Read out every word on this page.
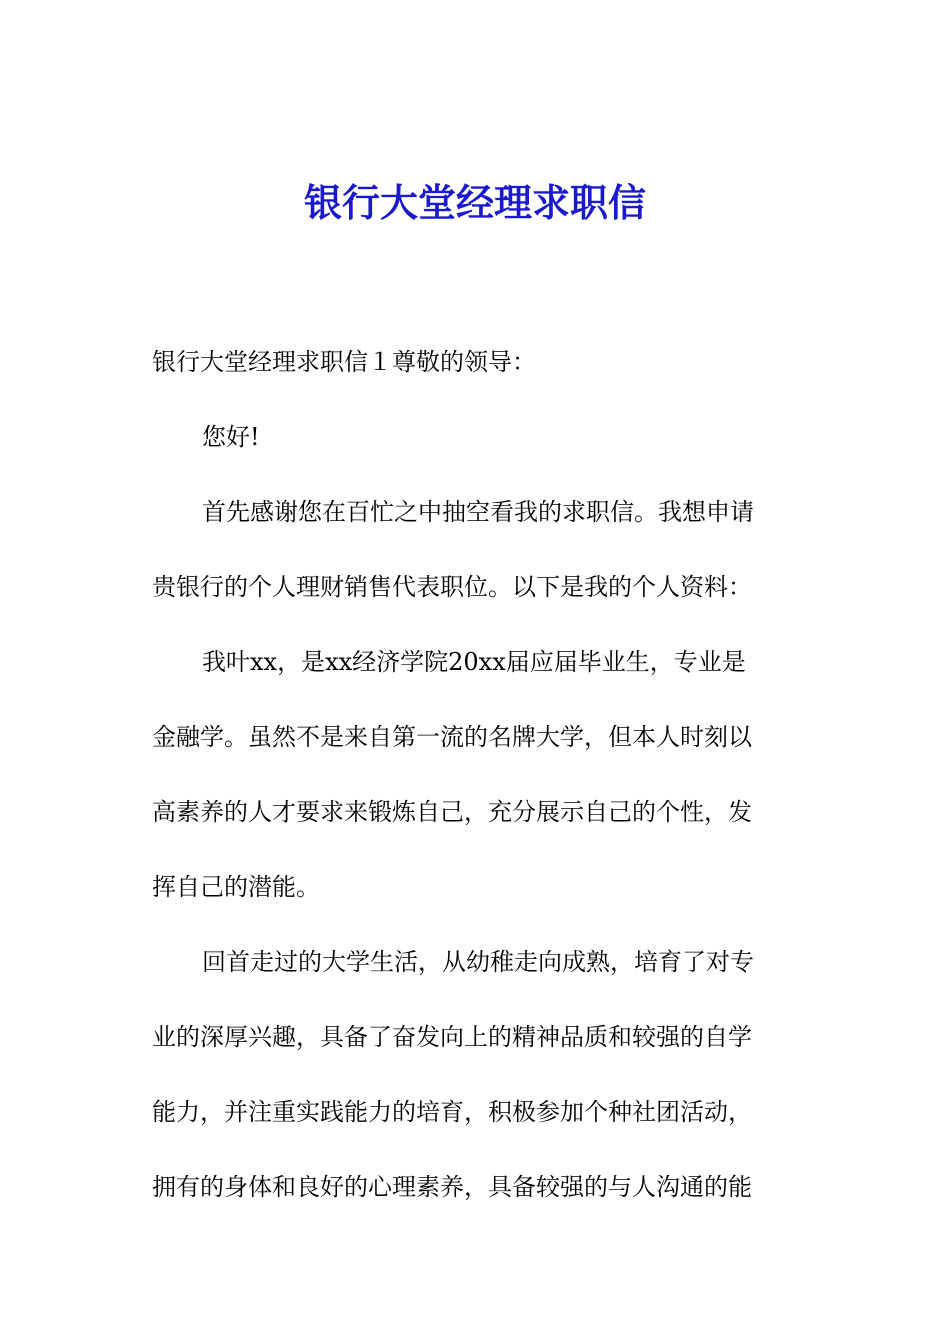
银行大堂经理求职信
银行大堂经理求职信１尊敬的领导：
您好!
首先感谢您在百忙之中抽空看我的求职信。我想申请
贵银行的个人理财销售代表职位。以下是我的个人资料：
我叶xx，是xx经济学院20xx届应届毕业生，专业是
金融学。虽然不是来自第一流的名牌大学，但本人时刻以
高素养的人才要求来锻炼自己，充分展示自己的个性，发
挥自己的潜能。
回首走过的大学生活，从幼稚走向成熟，培育了对专
业的深厚兴趣，具备了奋发向上的精神品质和较强的自学
能力，并注重实践能力的培育，积极参加个种社团活动，
拥有的身体和良好的心理素养，具备较强的与人沟通的能
